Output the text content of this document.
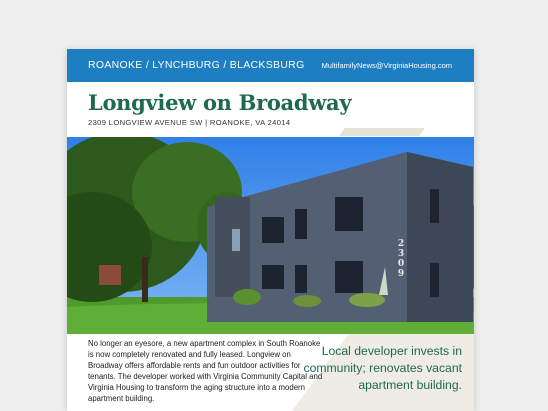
ROANOKE / LYNCHBURG / BLACKSBURG MultifamilyNews@VirginiaHousing.com
Longview on Broadway
2309 LONGVIEW AVENUE SW | ROANOKE, VA 24014
2
3
0
9

No longer an eyesore, a new apartment complex in South Roanoke is now completely renovated and fully leased. Longview on Broadway offers affordable rents and fun outdoor activities for tenants. The developer worked with Virginia Community Capital and Virginia Housing to transform the aging structure into a modern apartment building.

Local developer invests in community; renovates vacant apartment building.
